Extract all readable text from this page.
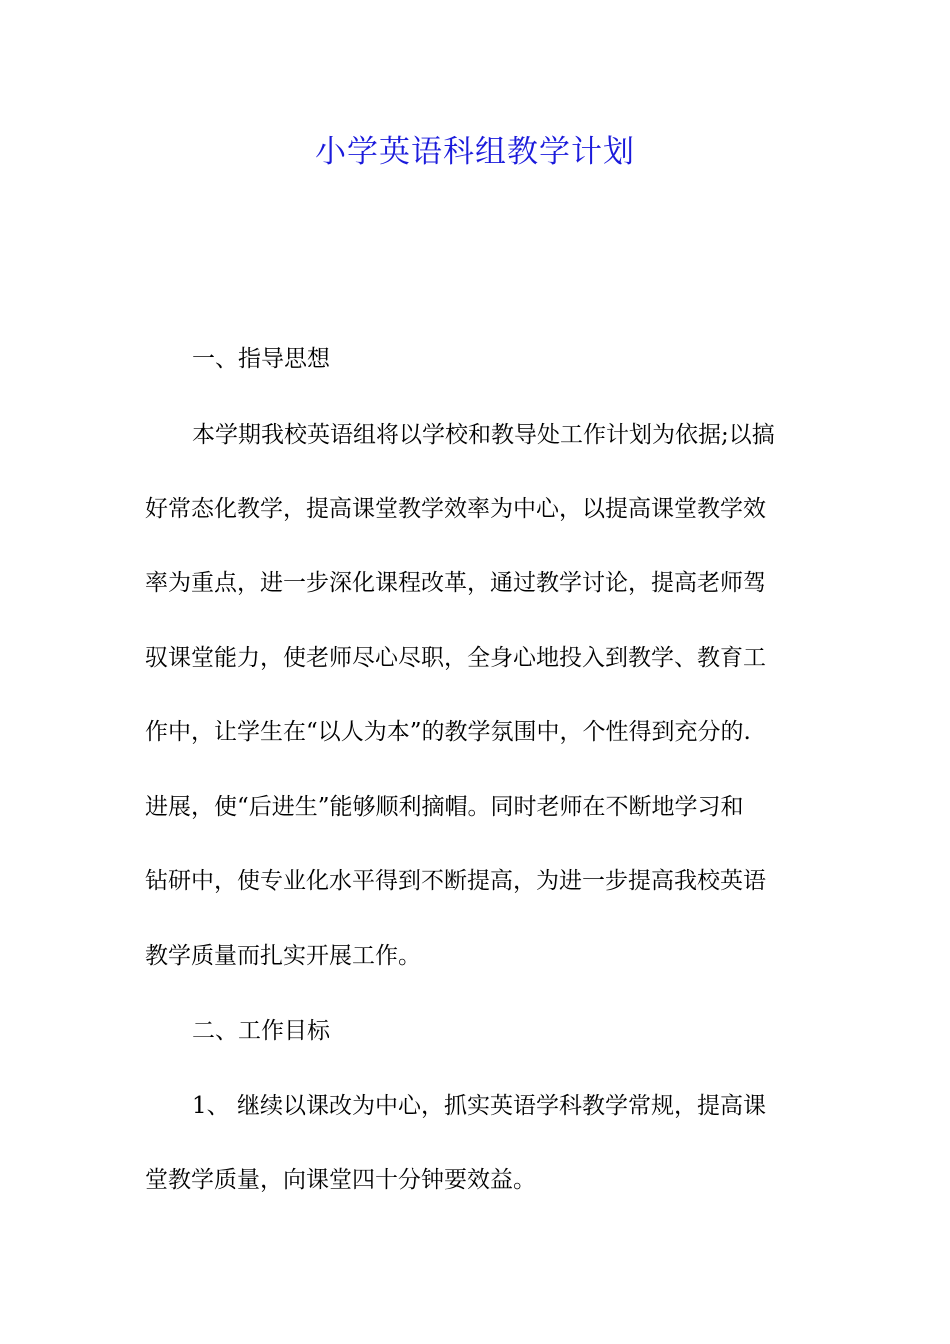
小学英语科组教学计划

一、指导思想

本学期我校英语组将以学校和教导处工作计划为依据;以搞

好常态化教学，提高课堂教学效率为中心，以提高课堂教学效

率为重点，进一步深化课程改革，通过教学讨论，提高老师驾

驭课堂能力，使老师尽心尽职，全身心地投入到教学、教育工

作中，让学生在“以人为本”的教学氛围中，个性得到充分的.

进展，使“后进生”能够顺利摘帽。同时老师在不断地学习和

钻研中，使专业化水平得到不断提高，为进一步提高我校英语

教学质量而扎实开展工作。

二、工作目标

1、 继续以课改为中心，抓实英语学科教学常规，提高课

堂教学质量，向课堂四十分钟要效益。
